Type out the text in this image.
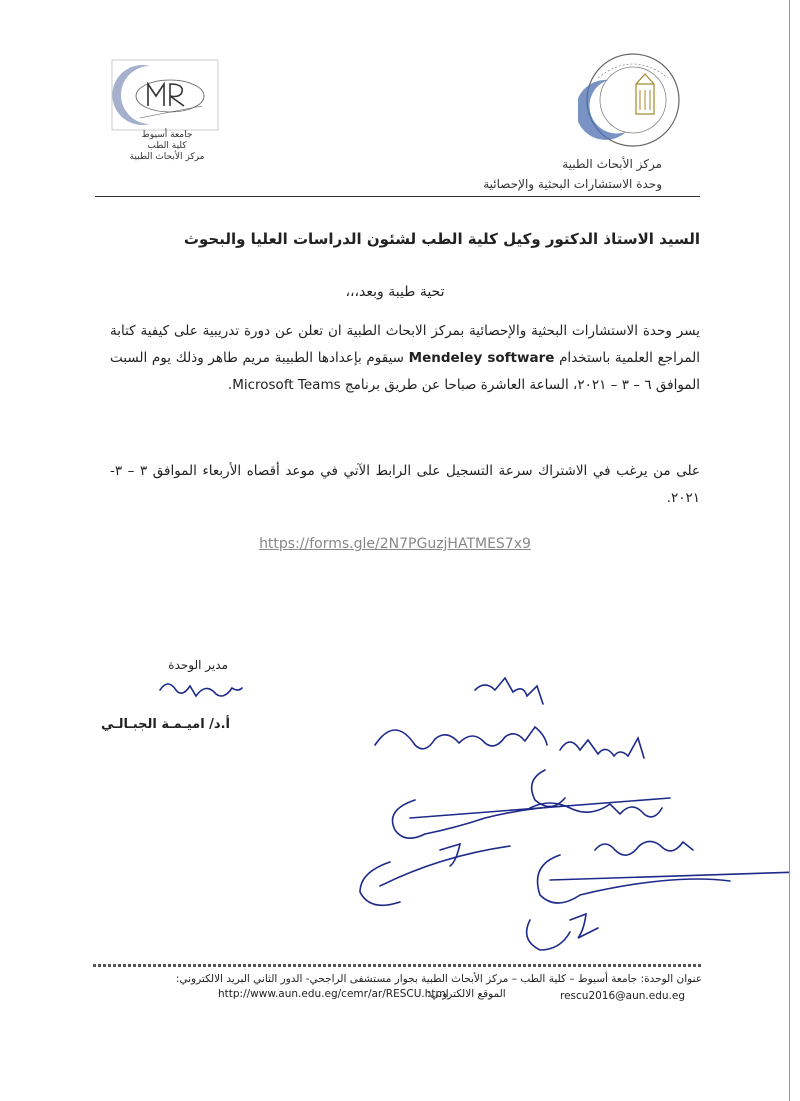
جامعة أسيوط
كلية الطب
مركز الأبحاث الطبية	مركز الأبحاث الطبية
وحدة الاستشارات البحثية والإحصائية
السيد الاستاذ الدكتور وكيل كلية الطب لشئون الدراسات العليا والبحوث
تحية طيبة وبعد،،،
يسر وحدة الاستشارات البحثية والإحصائية بمركز الابحاث الطبية ان تعلن عن دورة تدريبية على كيفية كتابة المراجع العلمية باستخدام Mendeley software سيقوم بإعدادها الطبيبة مريم طاهر وذلك يوم السبت الموافق ٦ – ٣ – ٢٠٢١، الساعة العاشرة صباحا عن طريق برنامج Microsoft Teams.
على من يرغب في الاشتراك سرعة التسجيل على الرابط الآتي في موعد أقصاه الأربعاء الموافق ٣ – ٣- ٢٠٢١.
https://forms.gle/2N7PGuzjHATMES7x9
مدير الوحدة
أ.د/ اميـمـة الجبـالـي
عنوان الوحدة: جامعة أسيوط – كلية الطب – مركز الأبحاث الطبية بجوار مستشفى الراجحي- الدور الثاني البريد الالكتروني:
الموقع الالكتروني:
http://www.aun.edu.eg/cemr/ar/RESCU.html	rescu2016@aun.edu.eg
